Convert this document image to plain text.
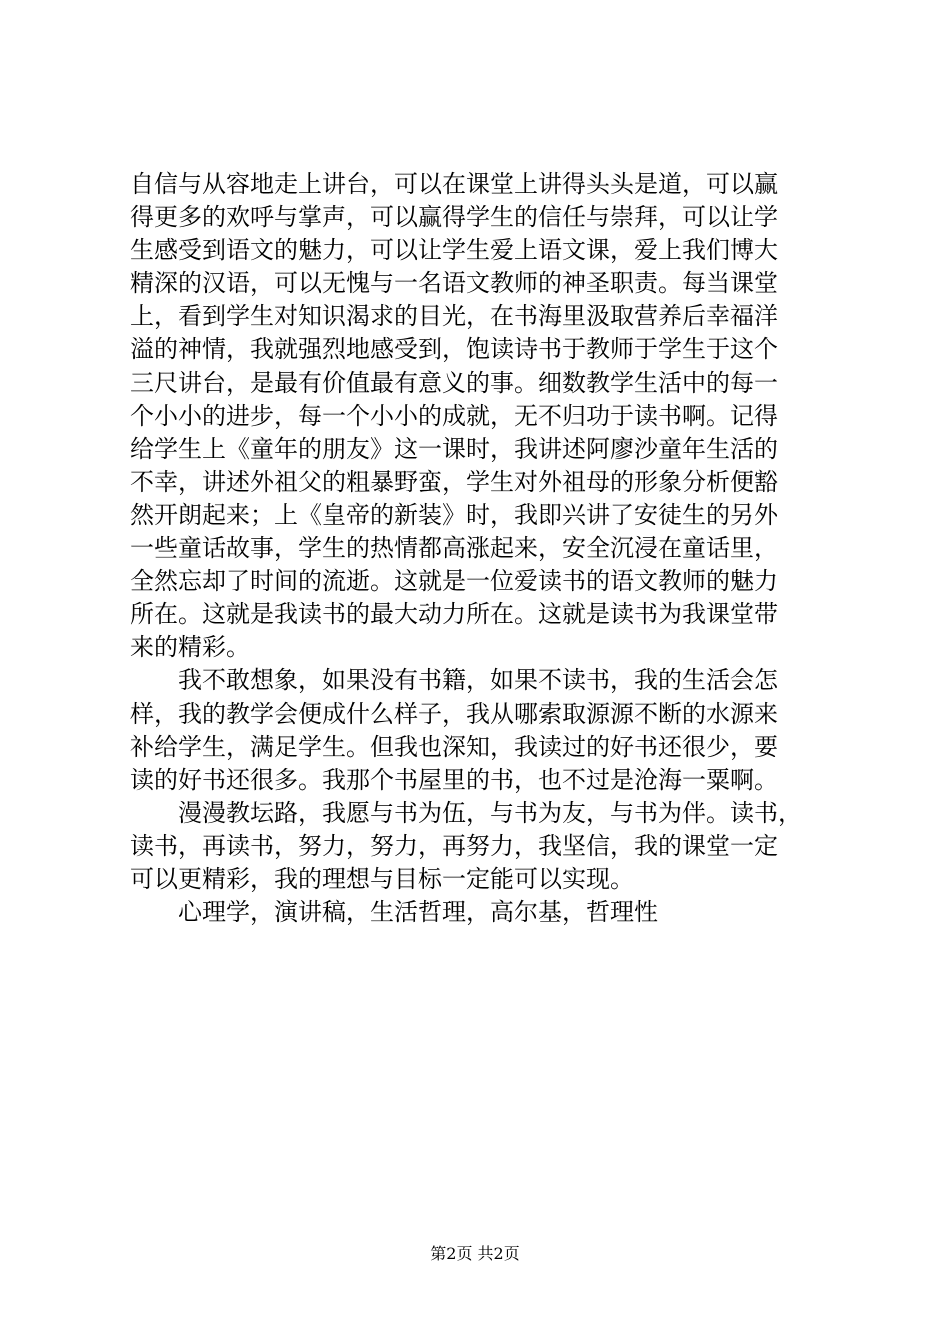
自信与从容地走上讲台，可以在课堂上讲得头头是道，可以赢
得更多的欢呼与掌声，可以赢得学生的信任与崇拜，可以让学
生感受到语文的魅力，可以让学生爱上语文课，爱上我们博大
精深的汉语，可以无愧与一名语文教师的神圣职责。每当课堂
上，看到学生对知识渴求的目光，在书海里汲取营养后幸福洋
溢的神情，我就强烈地感受到，饱读诗书于教师于学生于这个
三尺讲台，是最有价值最有意义的事。细数教学生活中的每一
个小小的进步，每一个小小的成就，无不归功于读书啊。记得
给学生上《童年的朋友》这一课时，我讲述阿廖沙童年生活的
不幸，讲述外祖父的粗暴野蛮，学生对外祖母的形象分析便豁
然开朗起来；上《皇帝的新装》时，我即兴讲了安徒生的另外
一些童话故事，学生的热情都高涨起来，安全沉浸在童话里，
全然忘却了时间的流逝。这就是一位爱读书的语文教师的魅力
所在。这就是我读书的最大动力所在。这就是读书为我课堂带
来的精彩。
我不敢想象，如果没有书籍，如果不读书，我的生活会怎
样，我的教学会便成什么样子，我从哪索取源源不断的水源来
补给学生，满足学生。但我也深知，我读过的好书还很少，要
读的好书还很多。我那个书屋里的书，也不过是沧海一粟啊。
漫漫教坛路，我愿与书为伍，与书为友，与书为伴。读书，
读书，再读书，努力，努力，再努力，我坚信，我的课堂一定
可以更精彩，我的理想与目标一定能可以实现。
心理学，演讲稿，生活哲理，高尔基，哲理性
第2页 共2页
